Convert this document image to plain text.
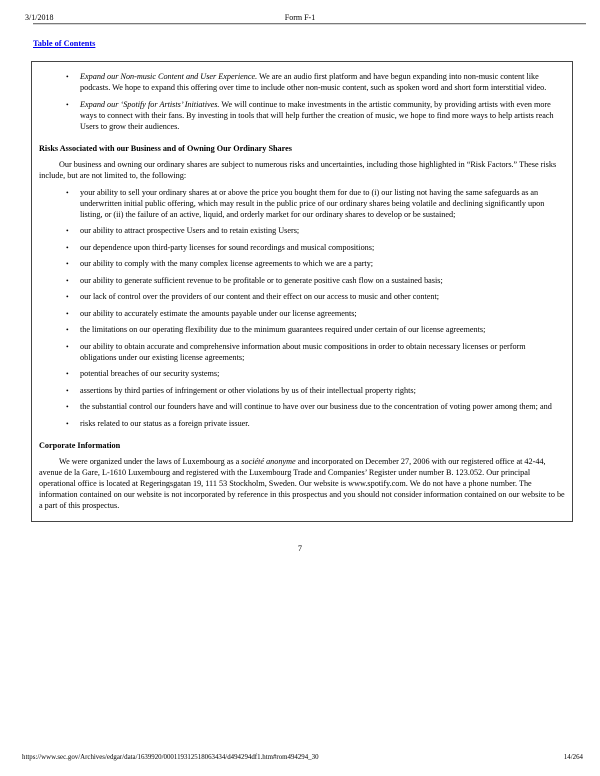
3/1/2018	Form F-1
Table of Contents
•	Expand our Non-music Content and User Experience. We are an audio first platform and have begun expanding into non-music content like podcasts. We hope to expand this offering over time to include other non-music content, such as spoken word and short form interstitial video.
•	Expand our ‘Spotify for Artists’ Initiatives. We will continue to make investments in the artistic community, by providing artists with even more ways to connect with their fans. By investing in tools that will help further the creation of music, we hope to find more ways to help artists reach Users to grow their audiences.
Risks Associated with our Business and of Owning Our Ordinary Shares
Our business and owning our ordinary shares are subject to numerous risks and uncertainties, including those highlighted in “Risk Factors.” These risks include, but are not limited to, the following:
•	your ability to sell your ordinary shares at or above the price you bought them for due to (i) our listing not having the same safeguards as an underwritten initial public offering, which may result in the public price of our ordinary shares being volatile and declining significantly upon listing, or (ii) the failure of an active, liquid, and orderly market for our ordinary shares to develop or be sustained;
•	our ability to attract prospective Users and to retain existing Users;
•	our dependence upon third-party licenses for sound recordings and musical compositions;
•	our ability to comply with the many complex license agreements to which we are a party;
•	our ability to generate sufficient revenue to be profitable or to generate positive cash flow on a sustained basis;
•	our lack of control over the providers of our content and their effect on our access to music and other content;
•	our ability to accurately estimate the amounts payable under our license agreements;
•	the limitations on our operating flexibility due to the minimum guarantees required under certain of our license agreements;
•	our ability to obtain accurate and comprehensive information about music compositions in order to obtain necessary licenses or perform obligations under our existing license agreements;
•	potential breaches of our security systems;
•	assertions by third parties of infringement or other violations by us of their intellectual property rights;
•	the substantial control our founders have and will continue to have over our business due to the concentration of voting power among them; and
•	risks related to our status as a foreign private issuer.
Corporate Information
We were organized under the laws of Luxembourg as a société anonyme and incorporated on December 27, 2006 with our registered office at 42-44, avenue de la Gare, L-1610 Luxembourg and registered with the Luxembourg Trade and Companies’ Register under number B. 123.052. Our principal operational office is located at Regeringsgatan 19, 111 53 Stockholm, Sweden. Our website is www.spotify.com. We do not have a phone number. The information contained on our website is not incorporated by reference in this prospectus and you should not consider information contained on our website to be a part of this prospectus.
7
https://www.sec.gov/Archives/edgar/data/1639920/000119312518063434/d494294df1.htm#rom494294_30	14/264
